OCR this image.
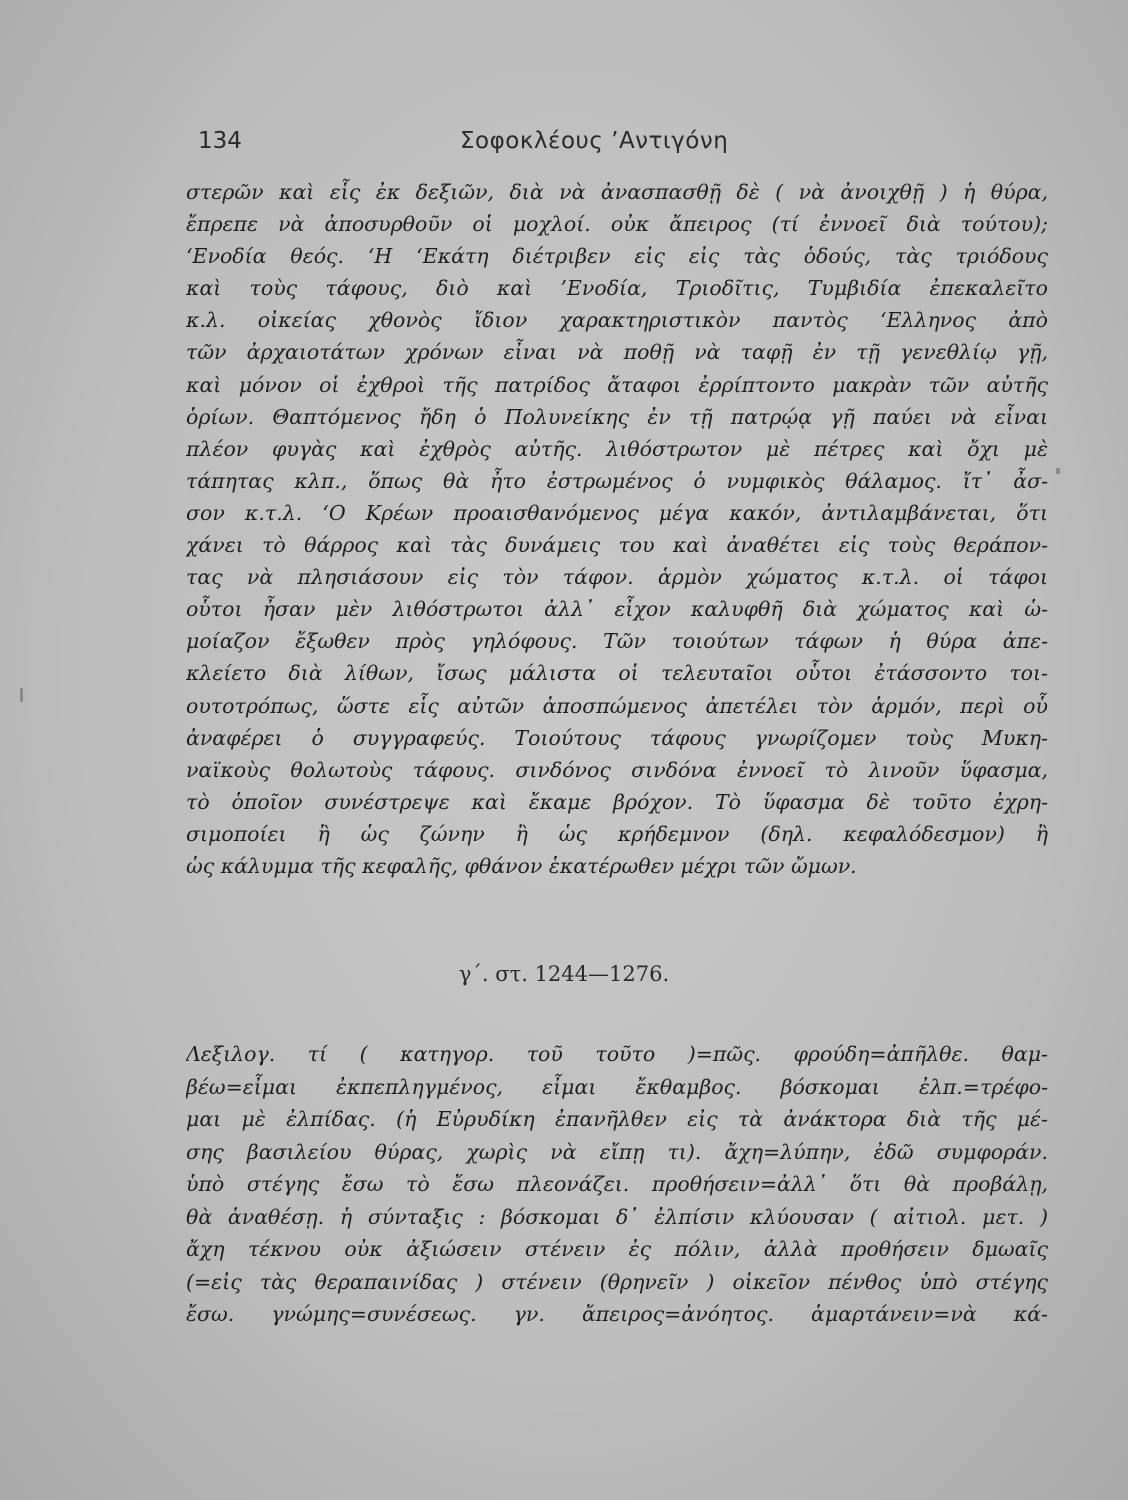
134	Σοφοκλέους ’Αντιγόνη
στερῶν καὶ εἷς ἐκ δεξιῶν, διὰ νὰ ἀνασπασθῇ δὲ ( νὰ ἀνοιχθῇ ) ἡ θύρα,
ἔπρεπε νὰ ἀποσυρθοῦν οἱ μοχλοί. οὐκ ἄπειρος (τί ἐννοεῖ διὰ τούτου);
‘Ενοδία θεός. ‘Η ‘Εκάτη διέτριβεν εἰς εἰς τὰς ὁδούς, τὰς τριόδους
καὶ τοὺς τάφους, διὸ καὶ ’Ενοδία, Τριοδῖτις, Τυμβιδία ἐπεκαλεῖτο
κ.λ. οἰκείας χθονὸς ἴδιον χαρακτηριστικὸν παντὸς ‘Ελληνος ἀπὸ
τῶν ἀρχαιοτάτων χρόνων εἶναι νὰ ποθῇ νὰ ταφῇ ἐν τῇ γενεθλίῳ γῇ,
καὶ μόνον οἱ ἐχθροὶ τῆς πατρίδος ἄταφοι ἐρρίπτοντο μακρὰν τῶν αὐτῆς
ὁρίων. Θαπτόμενος ἤδη ὁ Πολυνείκης ἐν τῇ πατρῴᾳ γῇ παύει νὰ εἶναι
πλέον φυγὰς καὶ ἐχθρὸς αὐτῆς. λιθόστρωτον μὲ πέτρες καὶ ὄχι μὲ
τάπητας κλπ., ὅπως θὰ ἦτο ἐστρωμένος ὁ νυμφικὸς θάλαμος. ἴτ᾽ ἆσ-
σον κ.τ.λ. ‘Ο Κρέων προαισθανόμενος μέγα κακόν, ἀντιλαμβάνεται, ὅτι
χάνει τὸ θάρρος καὶ τὰς δυνάμεις του καὶ ἀναθέτει εἰς τοὺς θεράπον-
τας νὰ πλησιάσουν εἰς τὸν τάφον. ἁρμὸν χώματος κ.τ.λ. οἱ τάφοι
οὗτοι ἦσαν μὲν λιθόστρωτοι ἀλλ᾽ εἶχον καλυφθῆ διὰ χώματος καὶ ὡ-
μοίαζον ἔξωθεν πρὸς γηλόφους. Τῶν τοιούτων τάφων ἡ θύρα ἀπε-
κλείετο διὰ λίθων, ἴσως μάλιστα οἱ τελευταῖοι οὗτοι ἐτάσσοντο τοι-
ουτοτρόπως, ὥστε εἷς αὐτῶν ἀποσπώμενος ἀπετέλει τὸν ἁρμόν, περὶ οὗ
ἀναφέρει ὁ συγγραφεύς. Τοιούτους τάφους γνωρίζομεν τοὺς Μυκη-
ναϊκοὺς θολωτοὺς τάφους. σινδόνος σινδόνα ἐννοεῖ τὸ λινοῦν ὕφασμα,
τὸ ὁποῖον συνέστρεψε καὶ ἔκαμε βρόχον. Τὸ ὕφασμα δὲ τοῦτο ἐχρη-
σιμοποίει ἢ ὡς ζώνην ἢ ὡς κρήδεμνον (δηλ. κεφαλόδεσμον) ἢ
ὡς κάλυμμα τῆς κεφαλῆς, φθάνον ἑκατέρωθεν μέχρι τῶν ὤμων.
γ΄. στ. 1244—1276.
Λεξιλογ. τί ( κατηγορ. τοῦ τοῦτο )=πῶς. φρούδη=ἀπῆλθε. θαμ-
βέω=εἶμαι ἐκπεπληγμένος, εἶμαι ἔκθαμβος. βόσκομαι ἐλπ.=τρέφο-
μαι μὲ ἐλπίδας. (ἡ Εὐρυδίκη ἐπανῆλθεν εἰς τὰ ἀνάκτορα διὰ τῆς μέ-
σης βασιλείου θύρας, χωρὶς νὰ εἴπῃ τι). ἄχη=λύπην, ἐδῶ συμφοράν.
ὑπὸ στέγης ἔσω τὸ ἔσω πλεονάζει. προθήσειν=ἀλλ᾽ ὅτι θὰ προβάλῃ,
θὰ ἀναθέσῃ. ἡ σύνταξις : βόσκομαι δ᾽ ἐλπίσιν κλύουσαν ( αἰτιολ. μετ. )
ἄχη τέκνου οὐκ ἀξιώσειν στένειν ἐς πόλιν, ἀλλὰ προθήσειν δμωαῖς
(=εἰς τὰς θεραπαινίδας ) στένειν (θρηνεῖν ) οἰκεῖον πένθος ὑπὸ στέγης
ἔσω. γνώμης=συνέσεως. γν. ἄπειρος=ἀνόητος. ἁμαρτάνειν=νὰ κά-
